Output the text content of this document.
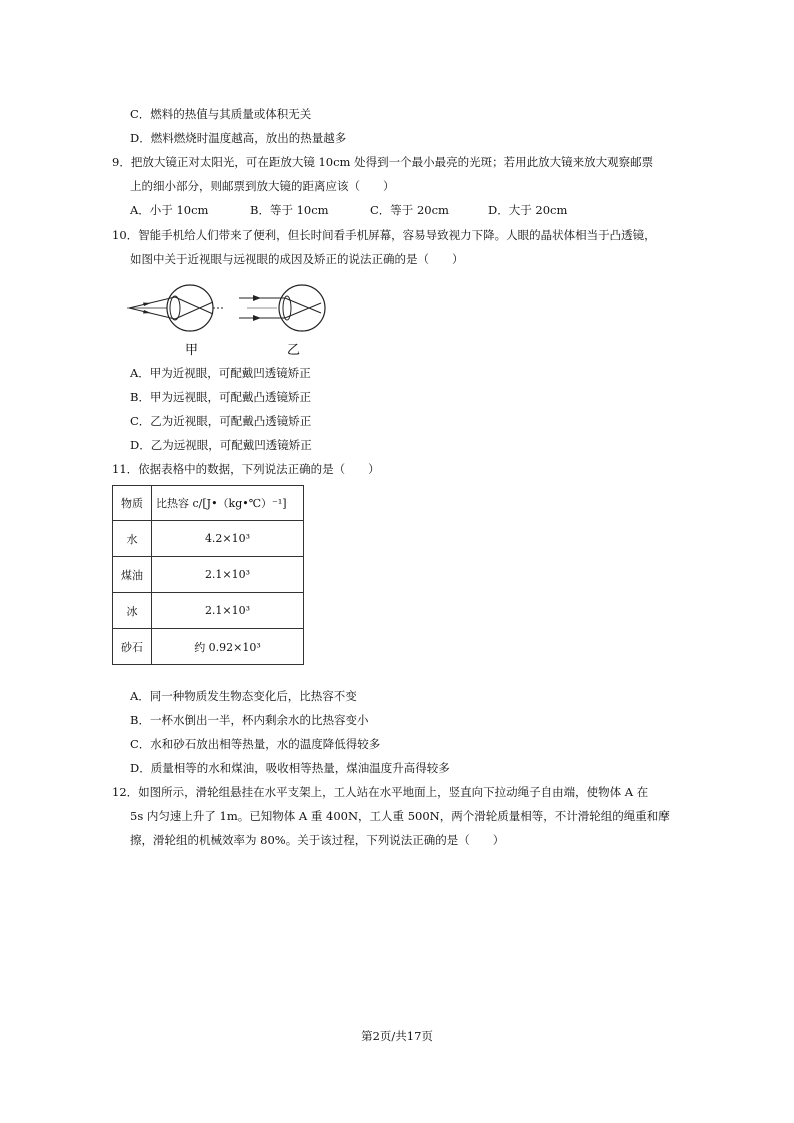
C．燃料的热值与其质量或体积无关
D．燃料燃烧时温度越高，放出的热量越多
9．把放大镜正对太阳光，可在距放大镜 10cm 处得到一个最小最亮的光斑；若用此放大镜来放大观察邮票
上的细小部分，则邮票到放大镜的距离应该（　　）
A．小于 10cm	B．等于 10cm	C．等于 20cm	D．大于 20cm
10．智能手机给人们带来了便利，但长时间看手机屏幕，容易导致视力下降。人眼的晶状体相当于凸透镜，
如图中关于近视眼与远视眼的成因及矫正的说法正确的是（　　）
甲	乙
A．甲为近视眼，可配戴凹透镜矫正
B．甲为远视眼，可配戴凸透镜矫正
C．乙为近视眼，可配戴凸透镜矫正
D．乙为远视眼，可配戴凹透镜矫正
11．依据表格中的数据，下列说法正确的是（　　）
物质	比热容 c/[J•（kg•℃）⁻¹]
水	4.2×10³
煤油	2.1×10³
冰	2.1×10³
砂石	约 0.92×10³
A．同一种物质发生物态变化后，比热容不变
B．一杯水倒出一半，杯内剩余水的比热容变小
C．水和砂石放出相等热量，水的温度降低得较多
D．质量相等的水和煤油，吸收相等热量，煤油温度升高得较多
12．如图所示，滑轮组悬挂在水平支架上，工人站在水平地面上，竖直向下拉动绳子自由端，使物体 A 在
5s 内匀速上升了 1m。已知物体 A 重 400N，工人重 500N，两个滑轮质量相等，不计滑轮组的绳重和摩
擦，滑轮组的机械效率为 80%。关于该过程，下列说法正确的是（　　）
第2页/共17页
